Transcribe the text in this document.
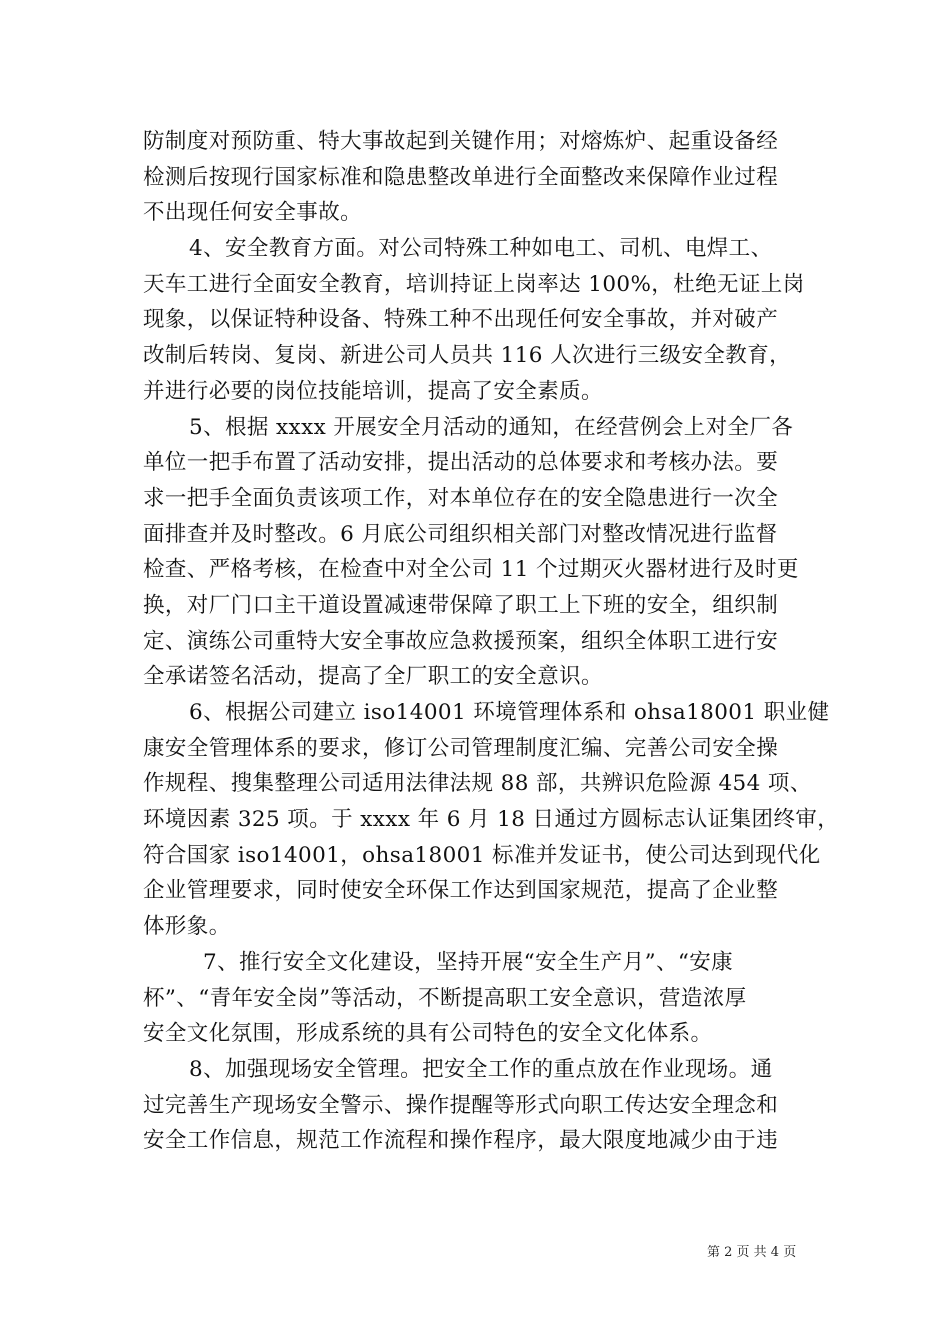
防制度对预防重、特大事故起到关键作用；对熔炼炉、起重设备经
检测后按现行国家标准和隐患整改单进行全面整改来保障作业过程
不出现任何安全事故。
4、安全教育方面。对公司特殊工种如电工、司机、电焊工、
天车工进行全面安全教育，培训持证上岗率达 100%，杜绝无证上岗
现象，以保证特种设备、特殊工种不出现任何安全事故，并对破产
改制后转岗、复岗、新进公司人员共 116 人次进行三级安全教育，
并进行必要的岗位技能培训，提高了安全素质。
5、根据 xxxx 开展安全月活动的通知，在经营例会上对全厂各
单位一把手布置了活动安排，提出活动的总体要求和考核办法。要
求一把手全面负责该项工作，对本单位存在的安全隐患进行一次全
面排查并及时整改。6 月底公司组织相关部门对整改情况进行监督
检查、严格考核，在检查中对全公司 11 个过期灭火器材进行及时更
换，对厂门口主干道设置减速带保障了职工上下班的安全，组织制
定、演练公司重特大安全事故应急救援预案，组织全体职工进行安
全承诺签名活动，提高了全厂职工的安全意识。
6、根据公司建立 iso14001 环境管理体系和 ohsa18001 职业健
康安全管理体系的要求，修订公司管理制度汇编、完善公司安全操
作规程、搜集整理公司适用法律法规 88 部，共辨识危险源 454 项、
环境因素 325 项。于 xxxx 年 6 月 18 日通过方圆标志认证集团终审，
符合国家 iso14001，ohsa18001 标准并发证书，使公司达到现代化
企业管理要求，同时使安全环保工作达到国家规范，提高了企业整
体形象。
7、推行安全文化建设，坚持开展“安全生产月”、“安康
杯”、“青年安全岗”等活动，不断提高职工安全意识，营造浓厚
安全文化氛围，形成系统的具有公司特色的安全文化体系。
8、加强现场安全管理。把安全工作的重点放在作业现场。通
过完善生产现场安全警示、操作提醒等形式向职工传达安全理念和
安全工作信息，规范工作流程和操作程序，最大限度地减少由于违
第 2 页 共 4 页
